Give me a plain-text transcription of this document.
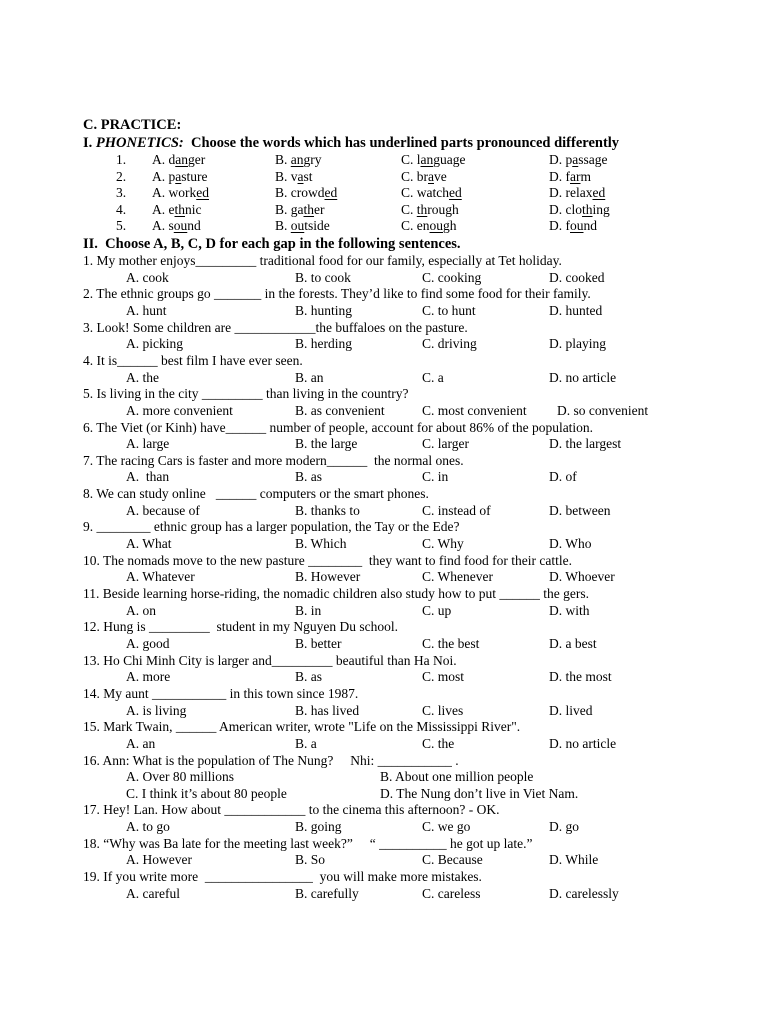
C. PRACTICE:
I. PHONETICS:  Choose the words which has underlined parts pronounced differently
1. A. danger	B. angry	C. language	D. passage
2. A. pasture	B. vast	C. brave	D. farm
3. A. worked	B. crowded	C. watched	D. relaxed
4. A. ethnic	B. gather	C. through	D. clothing
5. A. sound	B. outside	C. enough	D. found
II.  Choose A, B, C, D for each gap in the following sentences.
1. My mother enjoys_________ traditional food for our family, especially at Tet holiday.
A. cook	B. to cook	C. cooking	D. cooked
2. The ethnic groups go _______ in the forests. They’d like to find some food for their family.
A. hunt	B. hunting	C. to hunt	D. hunted
3. Look! Some children are ____________the buffaloes on the pasture.
A. picking	B. herding	C. driving	D. playing
4. It is______ best film I have ever seen.
A. the	B. an	C. a	D. no article
5. Is living in the city _________ than living in the country?
A. more convenient	B. as convenient	C. most convenient D. so convenient
6. The Viet (or Kinh) have______ number of people, account for about 86% of the population.
A. large	B. the large	C. larger	D. the largest
7. The racing Cars is faster and more modern______  the normal ones.
A.  than	B. as	C. in	D. of
8. We can study online   ______ computers or the smart phones.
A. because of	B. thanks to	C. instead of	D. between
9. ________ ethnic group has a larger population, the Tay or the Ede?
A. What	B. Which	C. Why	D. Who
10. The nomads move to the new pasture ________  they want to find food for their cattle.
A. Whatever	B. However	C. Whenever	D. Whoever
11. Beside learning horse-riding, the nomadic children also study how to put ______ the gers.
A. on	B. in	C. up	D. with
12. Hung is _________  student in my Nguyen Du school.
A. good	B. better	C. the best	D. a best
13. Ho Chi Minh City is larger and_________ beautiful than Ha Noi.
A. more	B. as	C. most	D. the most
14. My aunt ___________ in this town since 1987.
A. is living	B. has lived	C. lives	D. lived
15. Mark Twain, ______ American writer, wrote "Life on the Mississippi River".
A. an	B. a	C. the	D. no article
16. Ann: What is the population of The Nung?     Nhi: ___________ .
A. Over 80 millions	B. About one million people
C. I think it’s about 80 people	D. The Nung don’t live in Viet Nam.
17. Hey! Lan. How about ____________ to the cinema this afternoon? - OK.
A. to go	B. going	C. we go	D. go
18. “Why was Ba late for the meeting last week?”     “ __________ he got up late.”
A. However	B. So	C. Because	D. While
19. If you write more  ________________  you will make more mistakes.
A. careful	B. carefully	C. careless	D. carelessly
